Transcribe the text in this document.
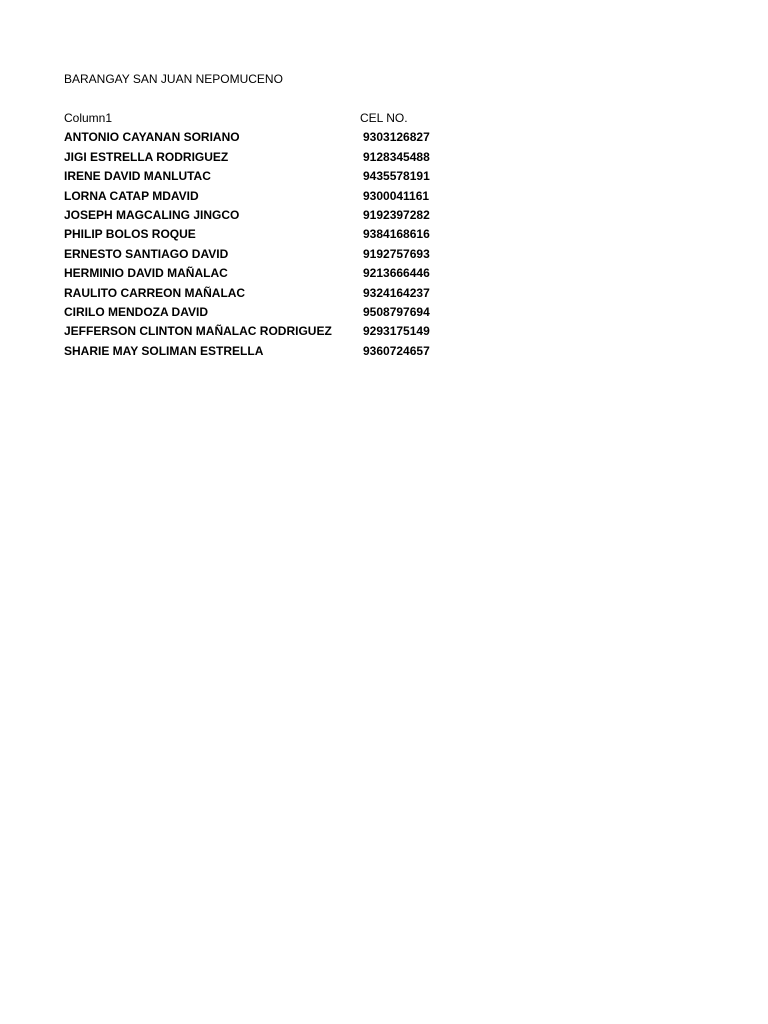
BARANGAY SAN JUAN NEPOMUCENO
Column1	CEL NO.
ANTONIO CAYANAN SORIANO	9303126827
JIGI ESTRELLA RODRIGUEZ	9128345488
IRENE DAVID MANLUTAC	9435578191
LORNA CATAP MDAVID	9300041161
JOSEPH MAGCALING JINGCO	9192397282
PHILIP BOLOS ROQUE	9384168616
ERNESTO SANTIAGO DAVID	9192757693
HERMINIO DAVID MAÑALAC	9213666446
RAULITO CARREON MAÑALAC	9324164237
CIRILO MENDOZA DAVID	9508797694
JEFFERSON CLINTON MAÑALAC RODRIGUEZ	9293175149
SHARIE MAY SOLIMAN ESTRELLA	9360724657
